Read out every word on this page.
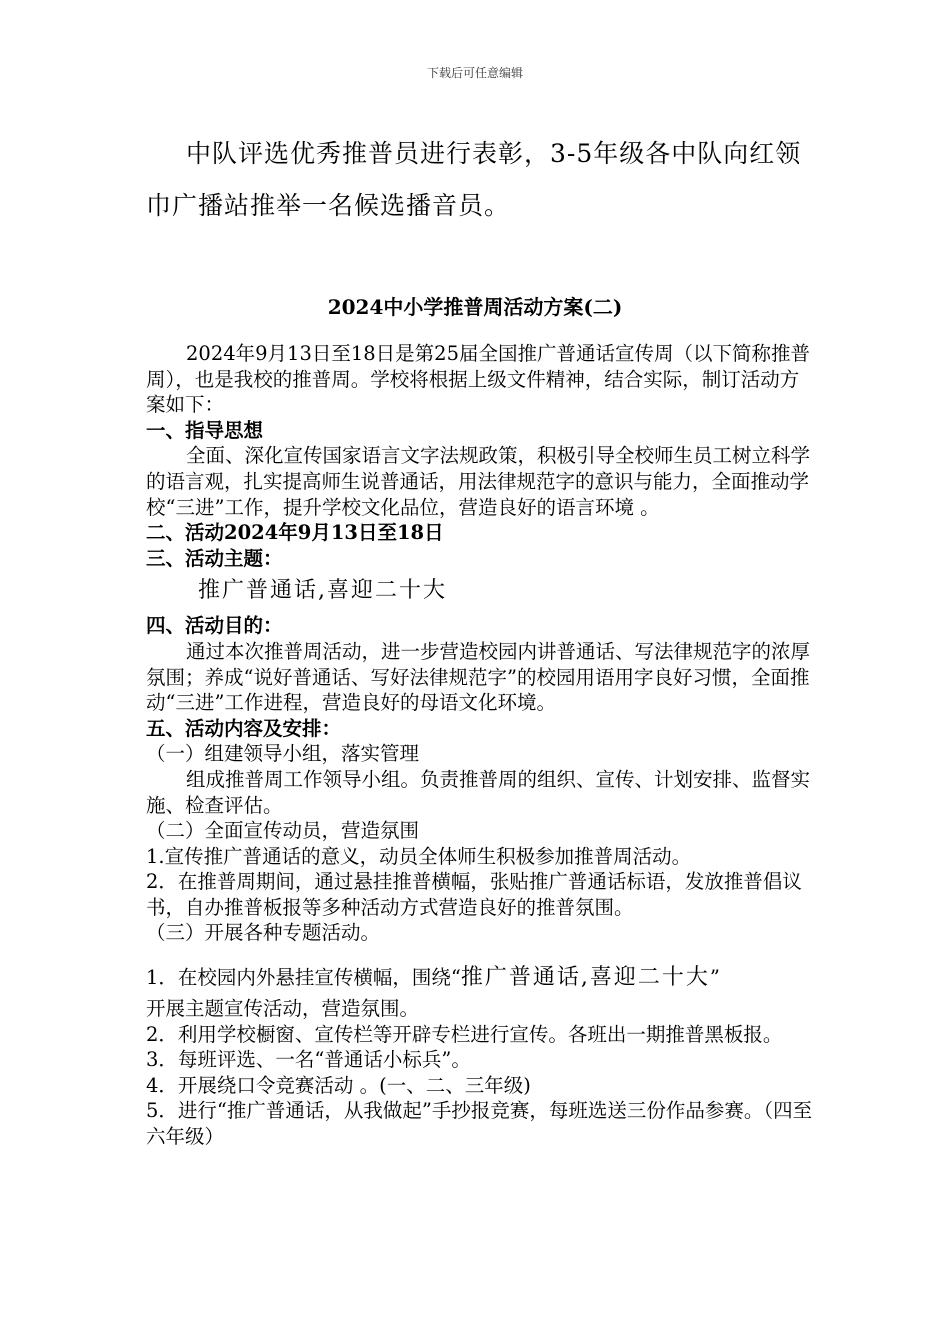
下载后可任意编辑
中队评选优秀推普员进行表彰，3-5年级各中队向红领
巾广播站推举一名候选播音员。
2024中小学推普周活动方案(二)

2024年9月13日至18日是第25届全国推广普通话宣传周（以下简称推普周），也是我校的推普周。学校将根据上级文件精神，结合实际，制订活动方案如下：

一、指导思想

全面、深化宣传国家语言文字法规政策，积极引导全校师生员工树立科学的语言观，扎实提高师生说普通话，用法律规范字的意识与能力，全面推动学校“三进”工作，提升学校文化品位，营造良好的语言环境 。

二、活动2024年9月13日至18日

三、活动主题：

推广普通话,喜迎二十大

四、活动目的：

通过本次推普周活动，进一步营造校园内讲普通话、写法律规范字的浓厚氛围；养成“说好普通话、写好法律规范字”的校园用语用字良好习惯，全面推动“三进”工作进程，营造良好的母语文化环境。

五、活动内容及安排：

（一）组建领导小组，落实管理

组成推普周工作领导小组。负责推普周的组织、宣传、计划安排、监督实施、检查评估。

（二）全面宣传动员，营造氛围

1.宣传推广普通话的意义，动员全体师生积极参加推普周活动。

2．在推普周期间，通过悬挂推普横幅，张贴推广普通话标语，发放推普倡议书，自办推普板报等多种活动方式营造良好的推普氛围。

（三）开展各种专题活动。

1．在校园内外悬挂宣传横幅，围绕“推广普通话,喜迎二十大”

开展主题宣传活动，营造氛围。

2．利用学校橱窗、宣传栏等开辟专栏进行宣传。各班出一期推普黑板报。

3．每班评选、一名“普通话小标兵”。

4．开展绕口令竞赛活动 。(一、二、三年级)

5．进行“推广普通话，从我做起”手抄报竞赛，每班选送三份作品参赛。（四至六年级）
